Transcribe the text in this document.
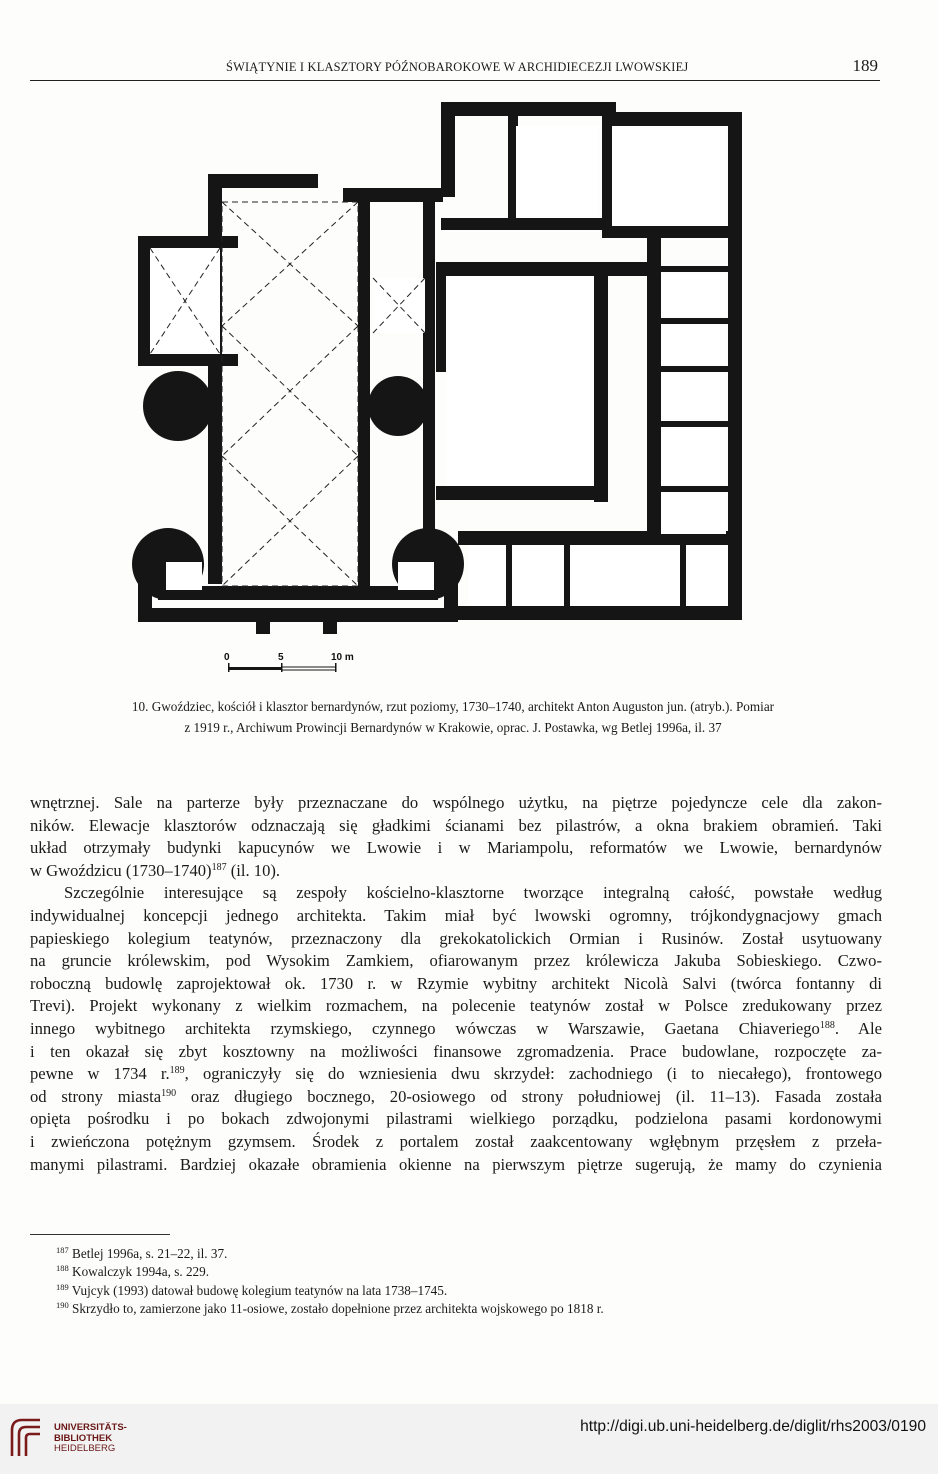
ŚWIĄTYNIE I KLASZTORY PÓŹNOBAROKOWE W ARCHIDIECEZJI LWOWSKIEJ	189
0	5	10 m
10. Gwoździec, kościół i klasztor bernardynów, rzut poziomy, 1730–1740, architekt Anton Auguston jun. (atryb.). Pomiar
z 1919 r., Archiwum Prowincji Bernardynów w Krakowie, oprac. J. Postawka, wg Betlej 1996a, il. 37

wnętrznej. Sale na parterze były przeznaczane do wspólnego użytku, na piętrze pojedyncze cele dla zakon-
ników. Elewacje klasztorów odznaczają się gładkimi ścianami bez pilastrów, a okna brakiem obramień. Taki
układ otrzymały budynki kapucynów we Lwowie i w Mariampolu, reformatów we Lwowie, bernardynów
w Gwoździcu (1730–1740)$^{187}$ (il. 10).

Szczególnie interesujące są zespoły kościelno-klasztorne tworzące integralną całość, powstałe według
indywidualnej koncepcji jednego architekta. Takim miał być lwowski ogromny, trójkondygnacjowy gmach
papieskiego kolegium teatynów, przeznaczony dla grekokatolickich Ormian i Rusinów. Został usytuowany
na gruncie królewskim, pod Wysokim Zamkiem, ofiarowanym przez królewicza Jakuba Sobieskiego. Czwo-
roboczną budowlę zaprojektował ok. 1730 r. w Rzymie wybitny architekt Nicolà Salvi (twórca fontanny di
Trevi). Projekt wykonany z wielkim rozmachem, na polecenie teatynów został w Polsce zredukowany przez
innego wybitnego architekta rzymskiego, czynnego wówczas w Warszawie, Gaetana Chiaveriego$^{188}$. Ale
i ten okazał się zbyt kosztowny na możliwości finansowe zgromadzenia. Prace budowlane, rozpoczęte za-
pewne w 1734 r.$^{189}$, ograniczyły się do wzniesienia dwu skrzydeł: zachodniego (i to niecałego), frontowego
od strony miasta$^{190}$ oraz długiego bocznego, 20-osiowego od strony południowej (il. 11–13). Fasada została
opięta pośrodku i po bokach zdwojonymi pilastrami wielkiego porządku, podzielona pasami kordonowymi
i zwieńczona potężnym gzymsem. Środek z portalem został zaakcentowany wgłębnym przęsłem z przeła-
manymi pilastrami. Bardziej okazałe obramienia okienne na pierwszym piętrze sugerują, że mamy do czynienia

$^{187}$ Betlej 1996a, s. 21–22, il. 37.
$^{188}$ Kowalczyk 1994a, s. 229.
$^{189}$ Vujcyk (1993) datował budowę kolegium teatynów na lata 1738–1745.
$^{190}$ Skrzydło to, zamierzone jako 11-osiowe, zostało dopełnione przez architekta wojskowego po 1818 r.
UNIVERSITÄTS-
BIBLIOTHEK
HEIDELBERG
http://digi.ub.uni-heidelberg.de/diglit/rhs2003/0190
